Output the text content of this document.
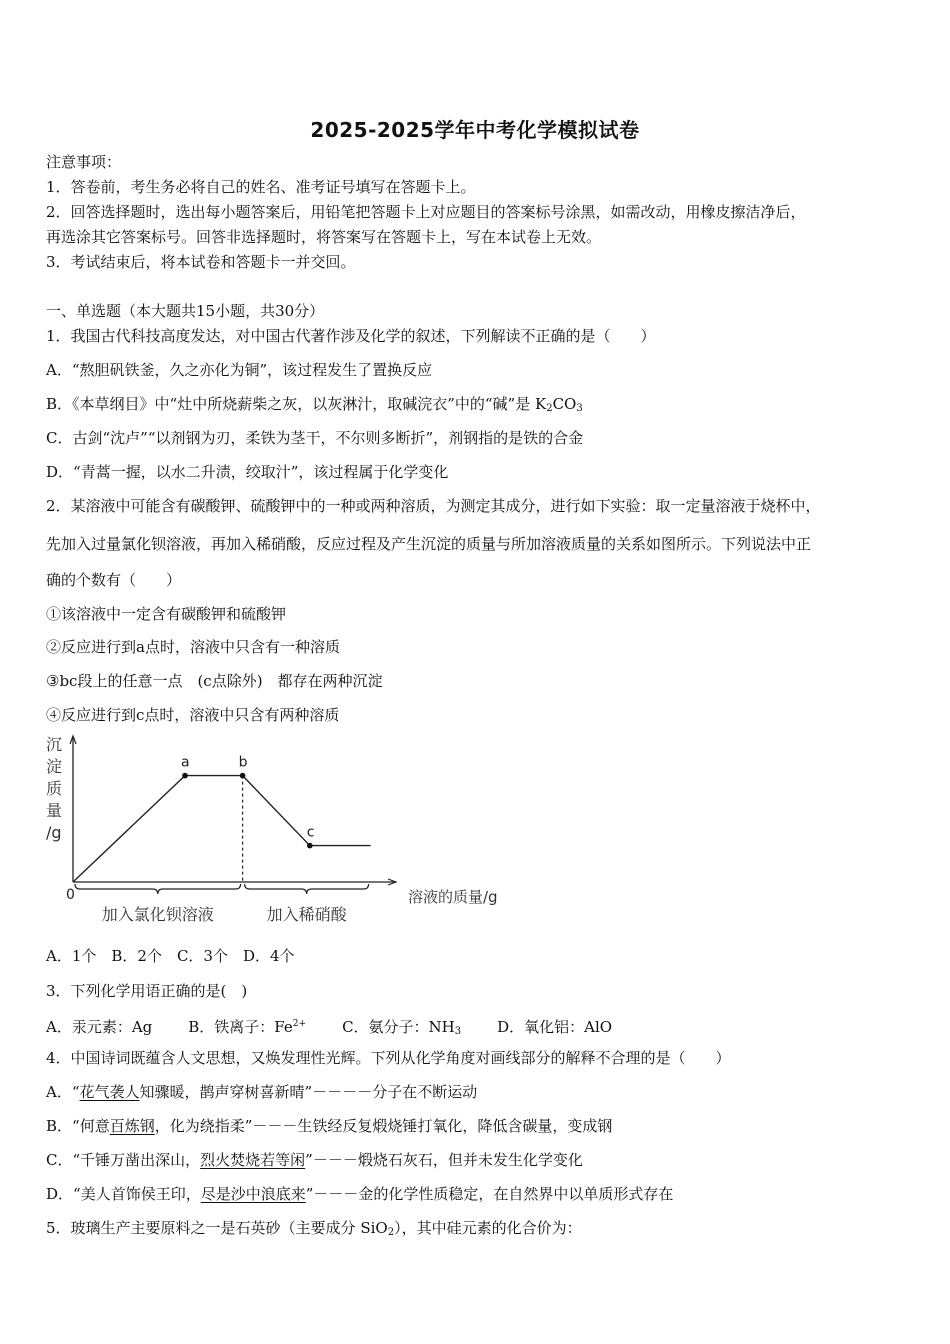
2025-2025学年中考化学模拟试卷
注意事项：
1．答卷前，考生务必将自己的姓名、准考证号填写在答题卡上。
2．回答选择题时，选出每小题答案后，用铅笔把答题卡上对应题目的答案标号涂黑，如需改动，用橡皮擦洁净后，
再选涂其它答案标号。回答非选择题时，将答案写在答题卡上，写在本试卷上无效。
3．考试结束后，将本试卷和答题卡一并交回。
一、单选题（本大题共15小题，共30分）
1．我国古代科技高度发达，对中国古代著作涉及化学的叙述，下列解读不正确的是（　　）
A．“熬胆矾铁釜，久之亦化为铜”，该过程发生了置换反应
B．《本草纲目》中“灶中所烧薪柴之灰，以灰淋汁，取碱浣衣”中的“碱”是 $K_2CO_3$
C．古剑“沈卢”“以剂钢为刃，柔铁为茎干，不尔则多断折”，剂钢指的是铁的合金
D．“青蒿一握，以水二升渍，绞取汁”，该过程属于化学变化
2．某溶液中可能含有碳酸钾、硫酸钾中的一种或两种溶质，为测定其成分，进行如下实验：取一定量溶液于烧杯中，
先加入过量氯化钡溶液，再加入稀硝酸，反应过程及产生沉淀的质量与所加溶液质量的关系如图所示。下列说法中正
确的个数有（　　）
①该溶液中一定含有碳酸钾和硫酸钾
②反应进行到a点时，溶液中只含有一种溶质
③bc段上的任意一点　(c点除外)　都存在两种沉淀
④反应进行到c点时，溶液中只含有两种溶质
沉
淀
质
量
/g
0	溶液的质量/g
a	b
c
加入氯化钡溶液	加入稀硝酸
A．1个　B．2个　C．3个　D．4个
3．下列化学用语正确的是(　)
A．汞元素：Ag B．铁离子：$Fe^{2+}$ C．氨分子：$NH_3$ D．氧化铝：AlO
4．中国诗词既蕴含人文思想，又焕发理性光辉。下列从化学角度对画线部分的解释不合理的是（　　）
A．“花气袭人知骤暖，鹊声穿树喜新晴”－－－－分子在不断运动
B．“何意百炼钢，化为绕指柔”－－－生铁经反复煅烧锤打氧化，降低含碳量，变成钢
C．“千锤万凿出深山，烈火焚烧若等闲”－－－煅烧石灰石，但并未发生化学变化
D．“美人首饰侯王印，尽是沙中浪底来”－－－金的化学性质稳定，在自然界中以单质形式存在
5．玻璃生产主要原料之一是石英砂（主要成分 SiO$_2$），其中硅元素的化合价为：
